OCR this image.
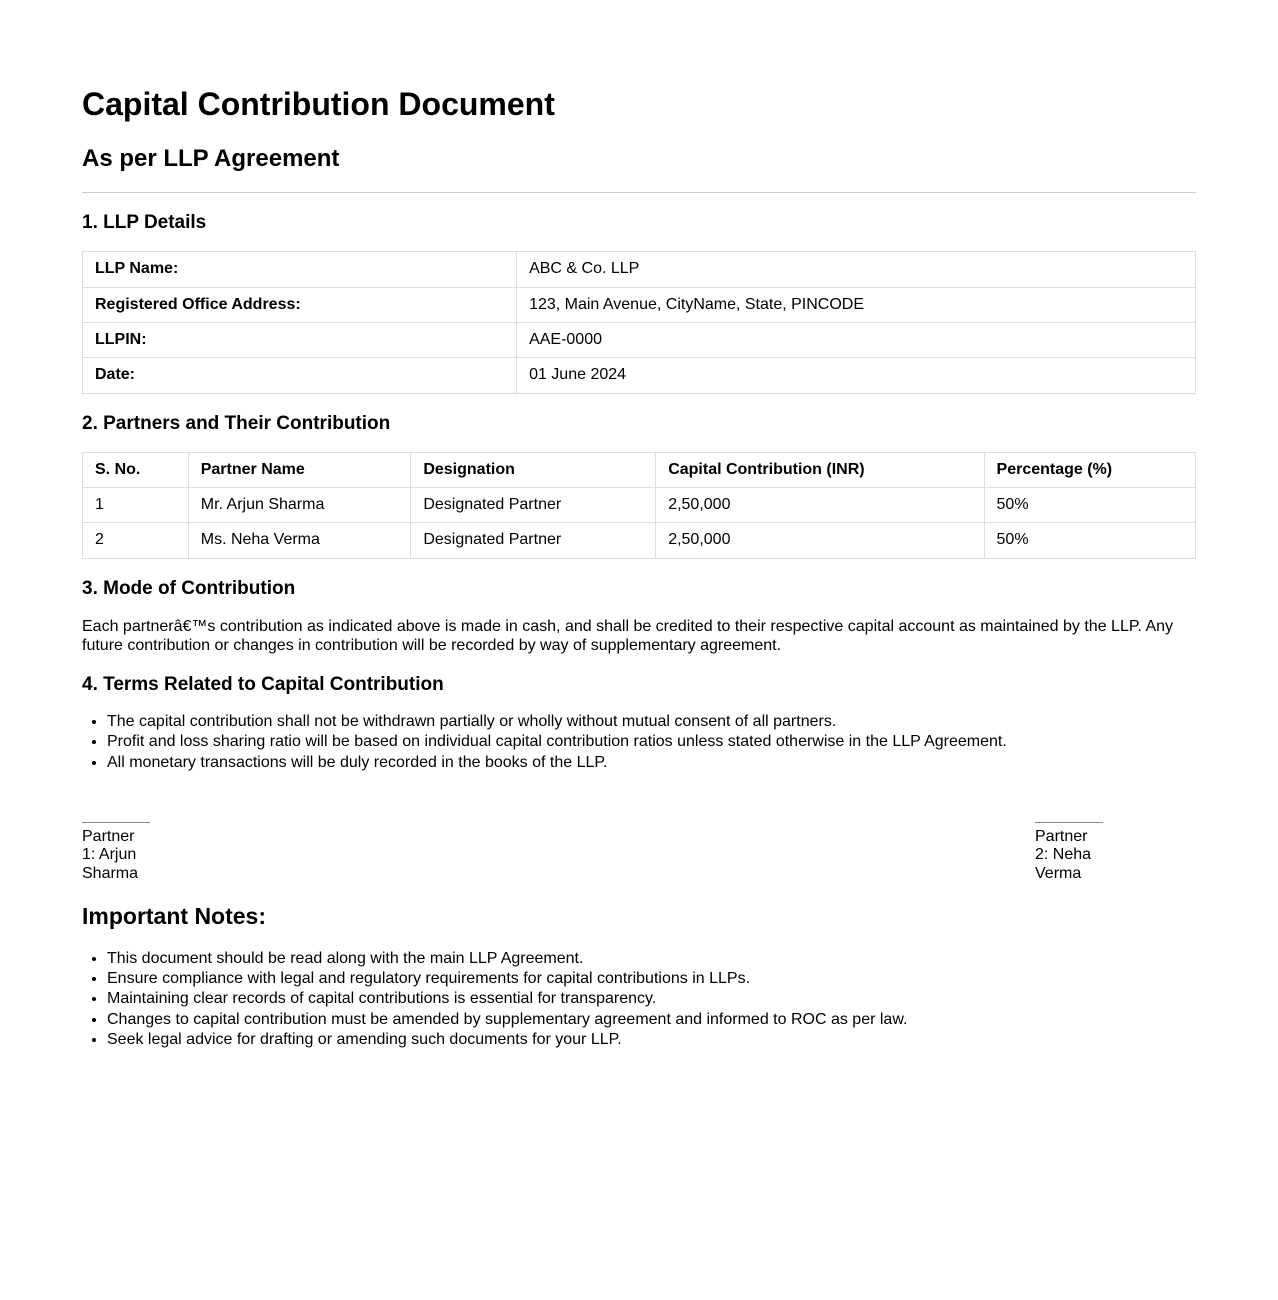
Capital Contribution Document
As per LLP Agreement
1. LLP Details
LLP Name:	ABC & Co. LLP
Registered Office Address:	123, Main Avenue, CityName, State, PINCODE
LLPIN:	AAE-0000
Date:	01 June 2024
2. Partners and Their Contribution
S. No.	Partner Name	Designation	Capital Contribution (INR)	Percentage (%)
1	Mr. Arjun Sharma	Designated Partner	2,50,000	50%
2	Ms. Neha Verma	Designated Partner	2,50,000	50%
3. Mode of Contribution

Each partnerâ€™s contribution as indicated above is made in cash, and shall be credited to their respective capital account as maintained by the LLP. Any future contribution or changes in contribution will be recorded by way of supplementary agreement.

4. Terms Related to Capital Contribution
• The capital contribution shall not be withdrawn partially or wholly without mutual consent of all partners.
• Profit and loss sharing ratio will be based on individual capital contribution ratios unless stated otherwise in the LLP Agreement.
• All monetary transactions will be duly recorded in the books of the LLP.
Partner 1: Arjun Sharma
Partner 2: Neha Verma
Important Notes:
• This document should be read along with the main LLP Agreement.
• Ensure compliance with legal and regulatory requirements for capital contributions in LLPs.
• Maintaining clear records of capital contributions is essential for transparency.
• Changes to capital contribution must be amended by supplementary agreement and informed to ROC as per law.
• Seek legal advice for drafting or amending such documents for your LLP.
